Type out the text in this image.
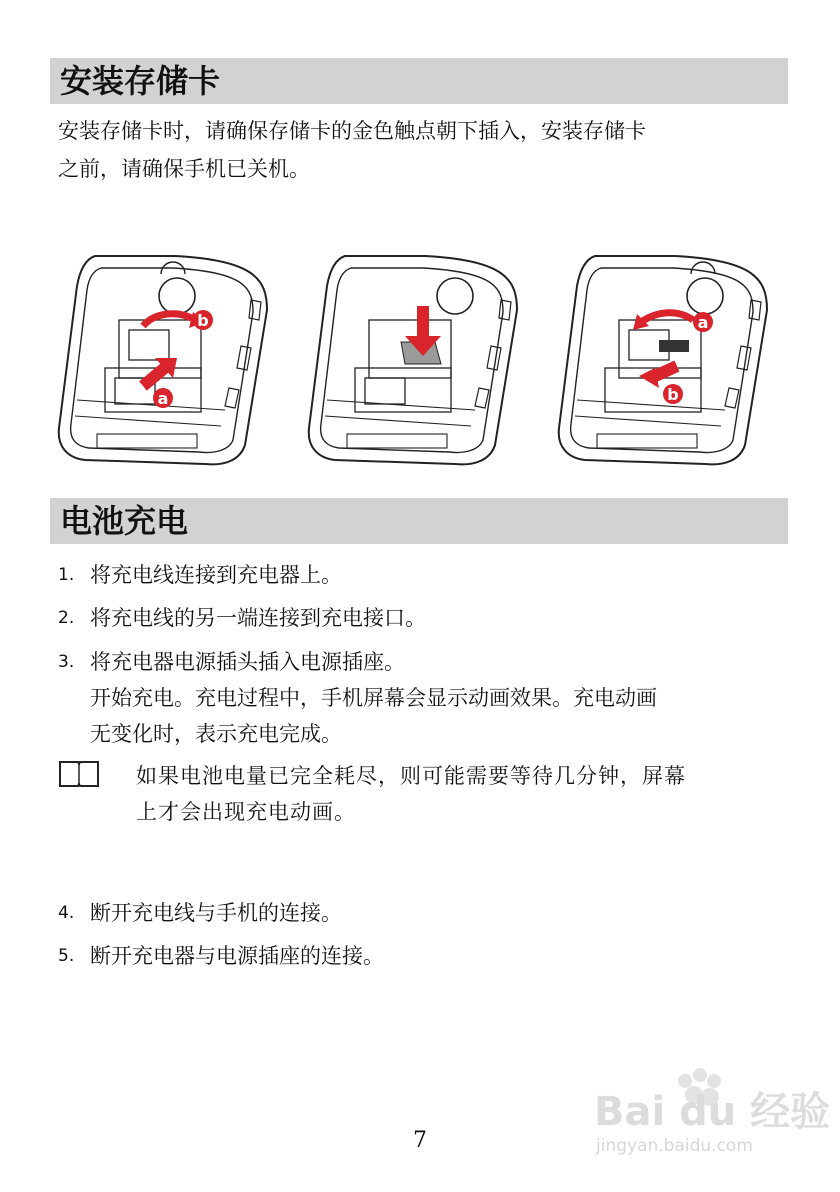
安装存储卡
安装存储卡时，请确保存储卡的金色触点朝下插入，安装存储卡
之前，请确保手机已关机。
a
b	a
b
电池充电
1. 将充电线连接到充电器上。
2. 将充电线的另一端连接到充电接口。
3. 将充电器电源插头插入电源插座。
开始充电。充电过程中，手机屏幕会显示动画效果。充电动画
无变化时，表示充电完成。
如果电池电量已完全耗尽，则可能需要等待几分钟，屏幕
上才会出现充电动画。
4. 断开充电线与手机的连接。
5. 断开充电器与电源插座的连接。
Bai du 经验
jingyan.baidu.com
7
